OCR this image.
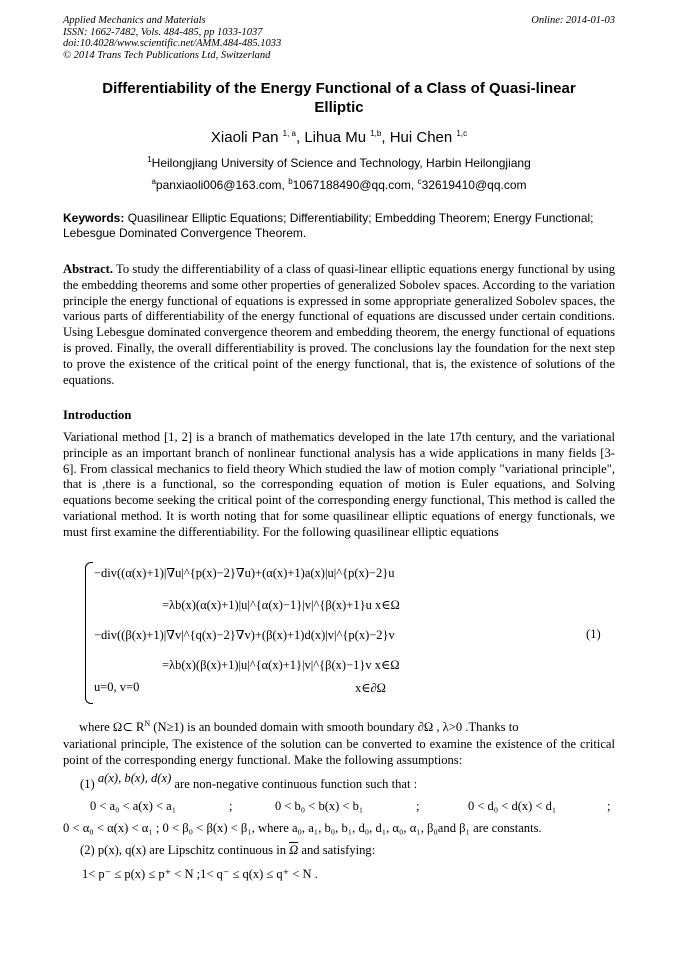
Applied Mechanics and Materials
ISSN: 1662-7482, Vols. 484-485, pp 1033-1037
doi:10.4028/www.scientific.net/AMM.484-485.1033
© 2014 Trans Tech Publications Ltd, Switzerland
Online: 2014-01-03
Differentiability of the Energy Functional of a Class of Quasi-linear
Elliptic
Xiaoli Pan $^{1, a}$, Lihua Mu $^{1,b}$, Hui Chen $^{1,c}$
$^1$Heilongjiang University of Science and Technology, Harbin Heilongjiang
$^a$panxiaoli006@163.com, $^b$1067188490@qq.com, $^c$32619410@qq.com
Keywords: Quasilinear Elliptic Equations; Differentiability; Embedding Theorem; Energy Functional; Lebesgue Dominated Convergence Theorem.
Abstract. To study the differentiability of a class of quasi-linear elliptic equations energy functional by using the embedding theorems and some other properties of generalized Sobolev spaces. According to the variation principle the energy functional of equations is expressed in some appropriate generalized Sobolev spaces, the various parts of differentiability of the energy functional of equations are discussed under certain conditions. Using Lebesgue dominated convergence theorem and embedding theorem, the energy functional of equations is proved. Finally, the overall differentiability is proved. The conclusions lay the foundation for the next step to prove the existence of the critical point of the energy functional, that is, the existence of solutions of the equations.
Introduction
Variational method [1, 2] is a branch of mathematics developed in the late 17th century, and the variational principle as an important branch of nonlinear functional analysis has a wide applications in many fields [3-6]. From classical mechanics to field theory Which studied the law of motion comply "variational principle", that is ,there is a functional, so the corresponding equation of motion is Euler equations, and Solving equations become seeking the critical point of the corresponding energy functional, This method is called the variational method. It is worth noting that for some quasilinear elliptic equations of energy functionals, we must first examine the differentiability. For the following quasilinear elliptic equations
−div((α(x)+1)|∇u|^{p(x)−2}∇u)+(α(x)+1)a(x)|u|^{p(x)−2}u
=λb(x)(α(x)+1)|u|^{α(x)−1}|v|^{β(x)+1}u x∈Ω
−div((β(x)+1)|∇v|^{q(x)−2}∇v)+(β(x)+1)d(x)|v|^{p(x)−2}v
=λb(x)(β(x)+1)|u|^{α(x)+1}|v|^{β(x)−1}v x∈Ω
u=0, v=0	x∈∂Ω
(1)
where Ω⊂ $R^N$ (N≥1) is an bounded domain with smooth boundary ∂Ω , λ>0 .Thanks to
variational principle, The existence of the solution can be converted to examine the existence of the critical point of the corresponding energy functional. Make the following assumptions:
(1) a(x), b(x), d(x) are non-negative continuous function such that :
0 < a₀ < a(x) < a₁	;	0 < b₀ < b(x) < b₁	;	0 < d₀ < d(x) < d₁	;
0 < α₀ < α(x) < α₁ ; 0 < β₀ < β(x) < β₁, where a₀, a₁, b₀, b₁, d₀, d₁, α₀, α₁, β₀and β₁ are constants.
(2) p(x), q(x) are Lipschitz continuous in $\overline{\Omega}$ and satisfying:
1< p⁻ ≤ p(x) ≤ p⁺ < N ;1< q⁻ ≤ q(x) ≤ q⁺ < N .
